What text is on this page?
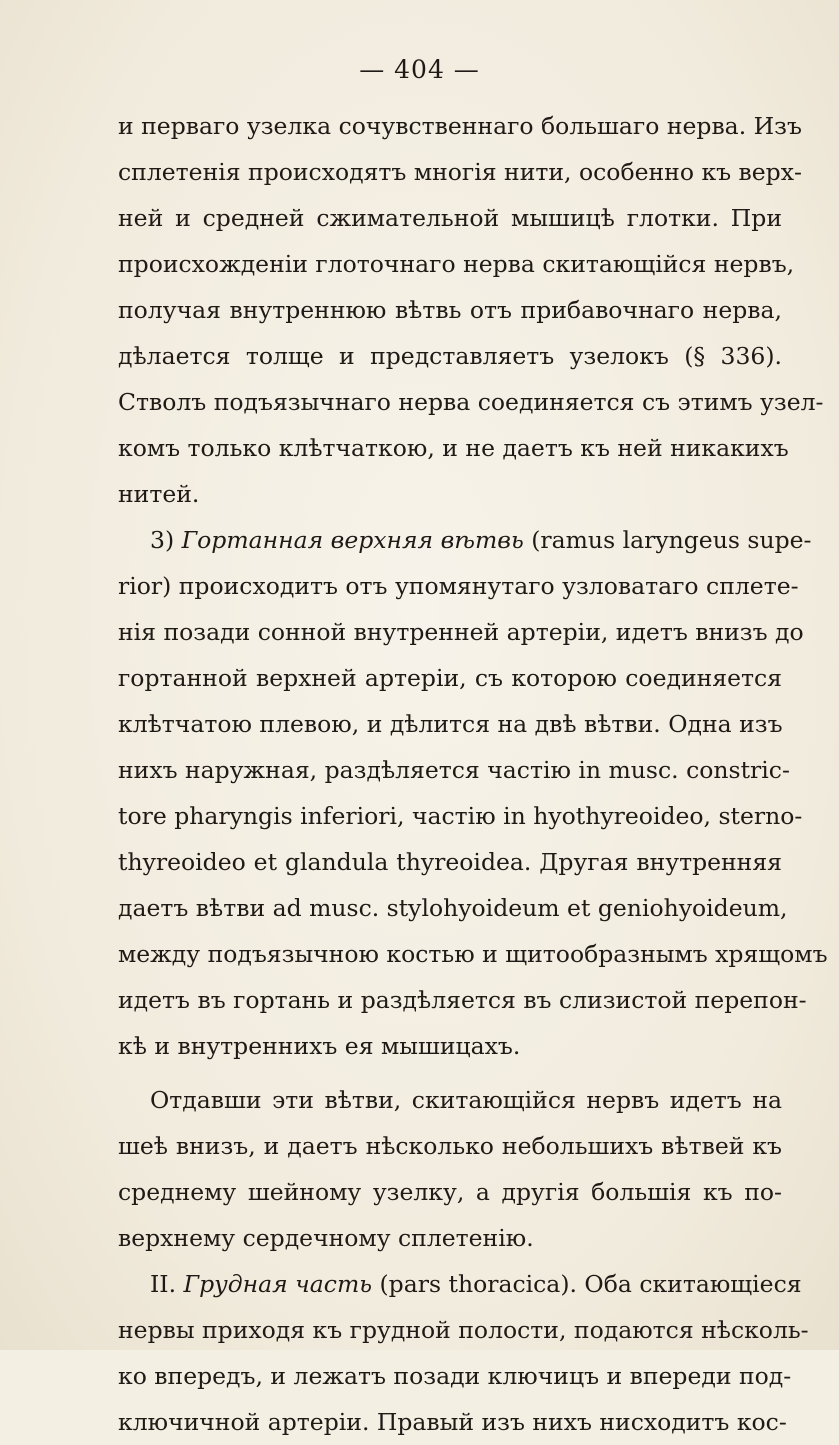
— 404 —
и перваго узелка сочувственнаго большаго нерва. Изъ
сплетенія происходятъ многія нити, особенно къ верх-
ней и средней сжимательной мышицѣ глотки. При
происхожденіи глоточнаго нерва скитающійся нервъ,
получая внутреннюю вѣтвь отъ прибавочнаго нерва,
дѣлается толще и представляетъ узелокъ (§ 336).
Стволъ подъязычнаго нерва соединяется съ этимъ узел-
комъ только клѣтчаткою, и не даетъ къ ней никакихъ
нитей.
3) Гортанная верхняя вѣтвь (ramus laryngeus supe-
rior) происходитъ отъ упомянутаго узловатаго сплете-
нія позади сонной внутренней артеріи, идетъ внизъ до
гортанной верхней артеріи, съ которою соединяется
клѣтчатою плевою, и дѣлится на двѣ вѣтви. Одна изъ
нихъ наружная, раздѣляется частію in musc. constric-
tore pharyngis inferiori, частію in hyothyreoideo, sterno-
thyreoideo et glandula thyreoidea. Другая внутренняя
даетъ вѣтви ad musc. stylohyoideum et geniohyoideum,
между подъязычною костью и щитообразнымъ хрящомъ
идетъ въ гортань и раздѣляется въ слизистой перепон-
кѣ и внутреннихъ ея мышицахъ.
Отдавши эти вѣтви, скитающійся нервъ идетъ на
шеѣ внизъ, и даетъ нѣсколько небольшихъ вѣтвей къ
среднему шейному узелку, а другія большія къ по-
верхнему сердечному сплетенію.
II. Грудная часть (pars thoracica). Оба скитающіеся
нервы приходя къ грудной полости, подаются нѣсколь-
ко впередъ, и лежатъ позади ключицъ и впереди под-
ключичной артеріи. Правый изъ нихъ нисходитъ кос-
